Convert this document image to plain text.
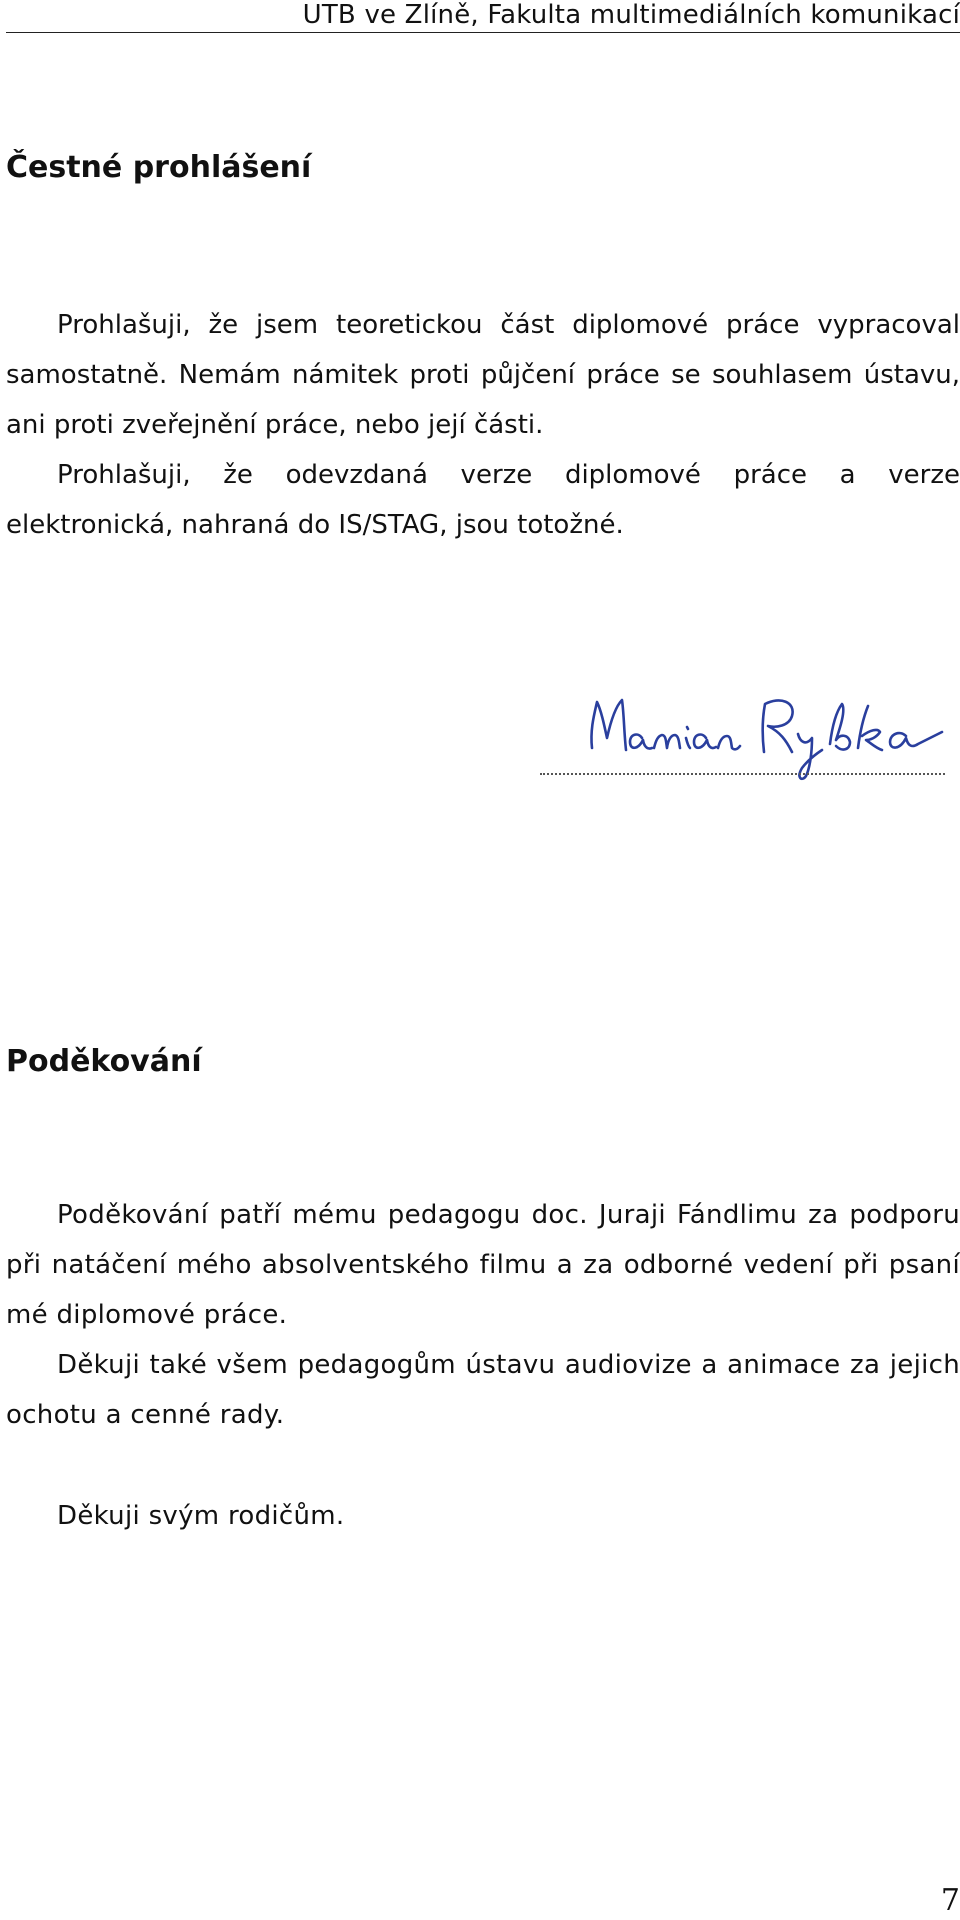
UTB ve Zlíně, Fakulta multimediálních komunikací
Čestné prohlášení

Prohlašuji, že jsem teoretickou část diplomové práce vypracoval samostatně. Nemám námitek proti půjčení práce se souhlasem ústavu, ani proti zveřejnění práce, nebo její části.

Prohlašuji, že odevzdaná verze diplomové práce a verze elektronická, nahraná do IS/STAG, jsou totožné.

Poděkování

Poděkování patří mému pedagogu doc. Juraji Fándlimu za podporu při natáčení mého absolventského filmu a za odborné vedení při psaní mé diplomové práce.

Děkuji také všem pedagogům ústavu audiovize a animace za jejich ochotu a cenné rady.

Děkuji svým rodičům.

7
